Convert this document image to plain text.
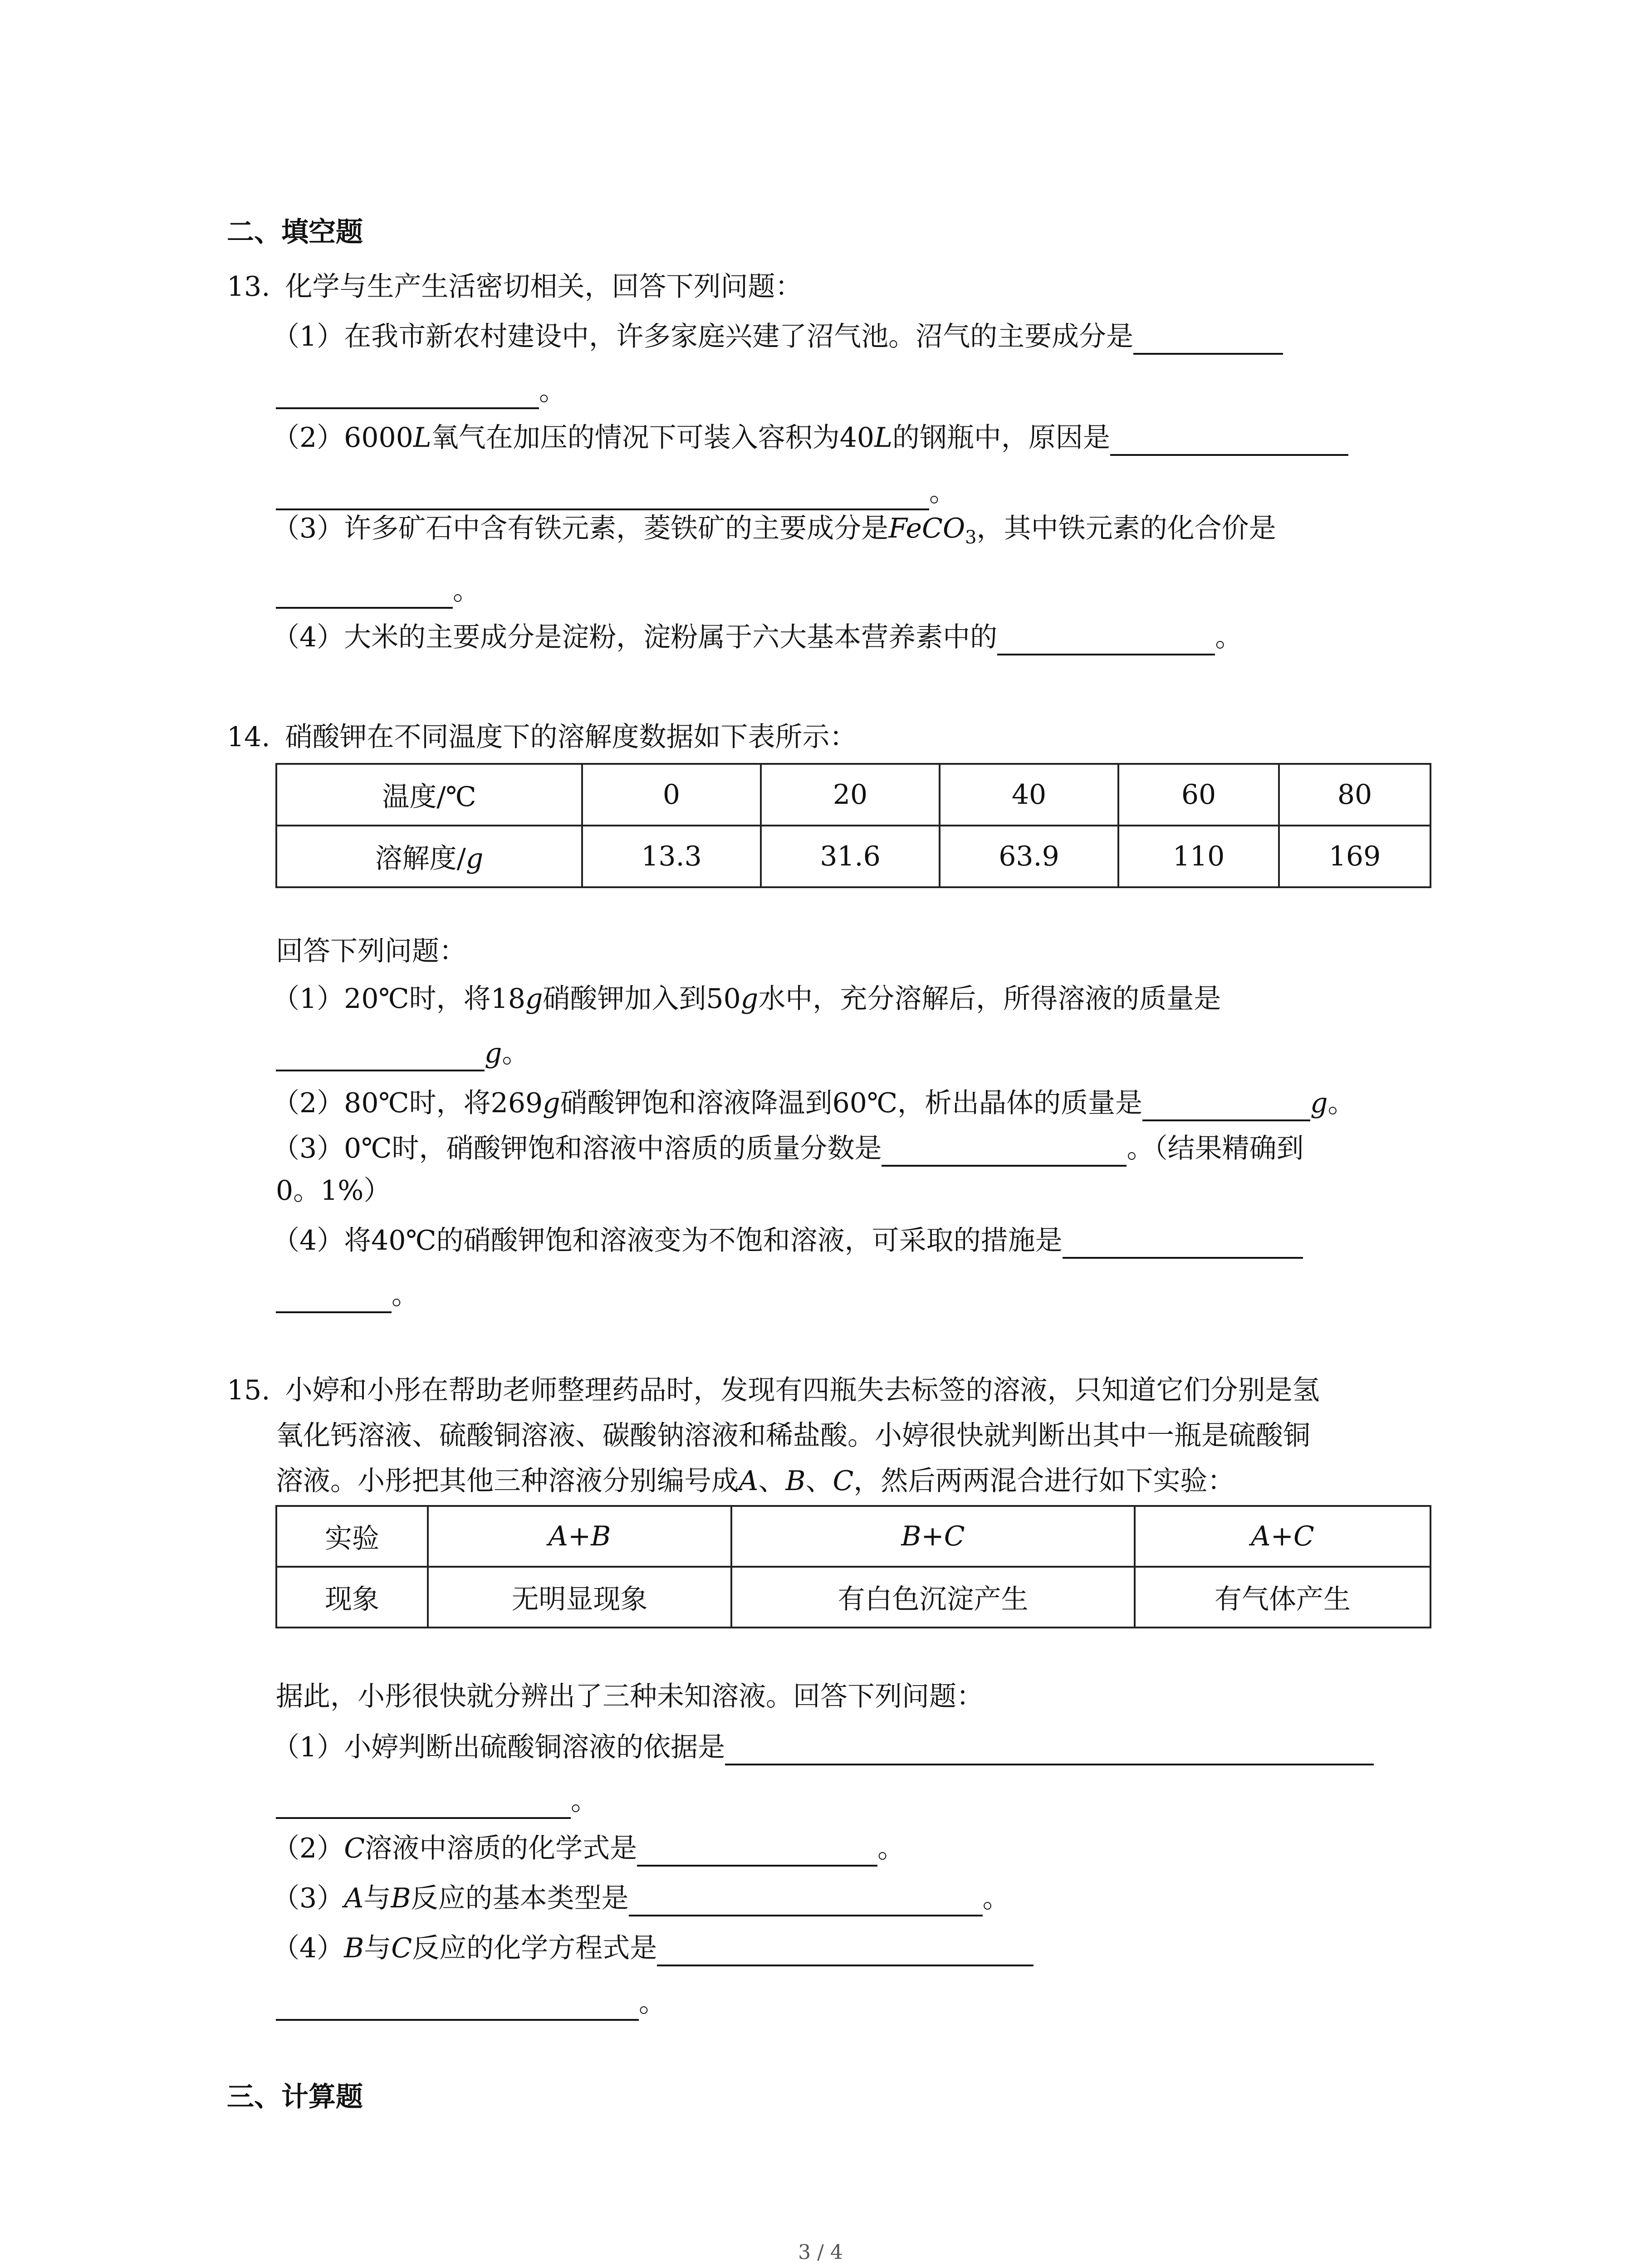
二、填空题
13. 化学与生产生活密切相关，回答下列问题：
（1）在我市新农村建设中，许多家庭兴建了沼气池。沼气的主要成分是
。
（2）6000L氧气在加压的情况下可装入容积为40L的钢瓶中，原因是
。
（3）许多矿石中含有铁元素，菱铁矿的主要成分是FeCO$_3$，其中铁元素的化合价是
。
（4）大米的主要成分是淀粉，淀粉属于六大基本营养素中的	。
14. 硝酸钾在不同温度下的溶解度数据如下表所示：
温度/℃	0	20	40	60	80
溶解度/g	13.3	31.6	63.9	110	169
回答下列问题：
（1）20℃时，将18g硝酸钾加入到50g水中，充分溶解后，所得溶液的质量是
g。
（2）80℃时，将269g硝酸钾饱和溶液降温到60℃，析出晶体的质量是	g。
（3）0℃时，硝酸钾饱和溶液中溶质的质量分数是	。（结果精确到
0。1%）
（4）将40℃的硝酸钾饱和溶液变为不饱和溶液，可采取的措施是
。
15. 小婷和小彤在帮助老师整理药品时，发现有四瓶失去标签的溶液，只知道它们分别是氢
氧化钙溶液、硫酸铜溶液、碳酸钠溶液和稀盐酸。小婷很快就判断出其中一瓶是硫酸铜
溶液。小彤把其他三种溶液分别编号成A、B、C，然后两两混合进行如下实验：
实验	A+B	B+C	A+C
现象	无明显现象	有白色沉淀产生	有气体产生
据此，小彤很快就分辨出了三种未知溶液。回答下列问题：
（1）小婷判断出硫酸铜溶液的依据是
。
（2）C溶液中溶质的化学式是	。
（3）A与B反应的基本类型是	。
（4）B与C反应的化学方程式是
。
三、计算题
3 / 4
